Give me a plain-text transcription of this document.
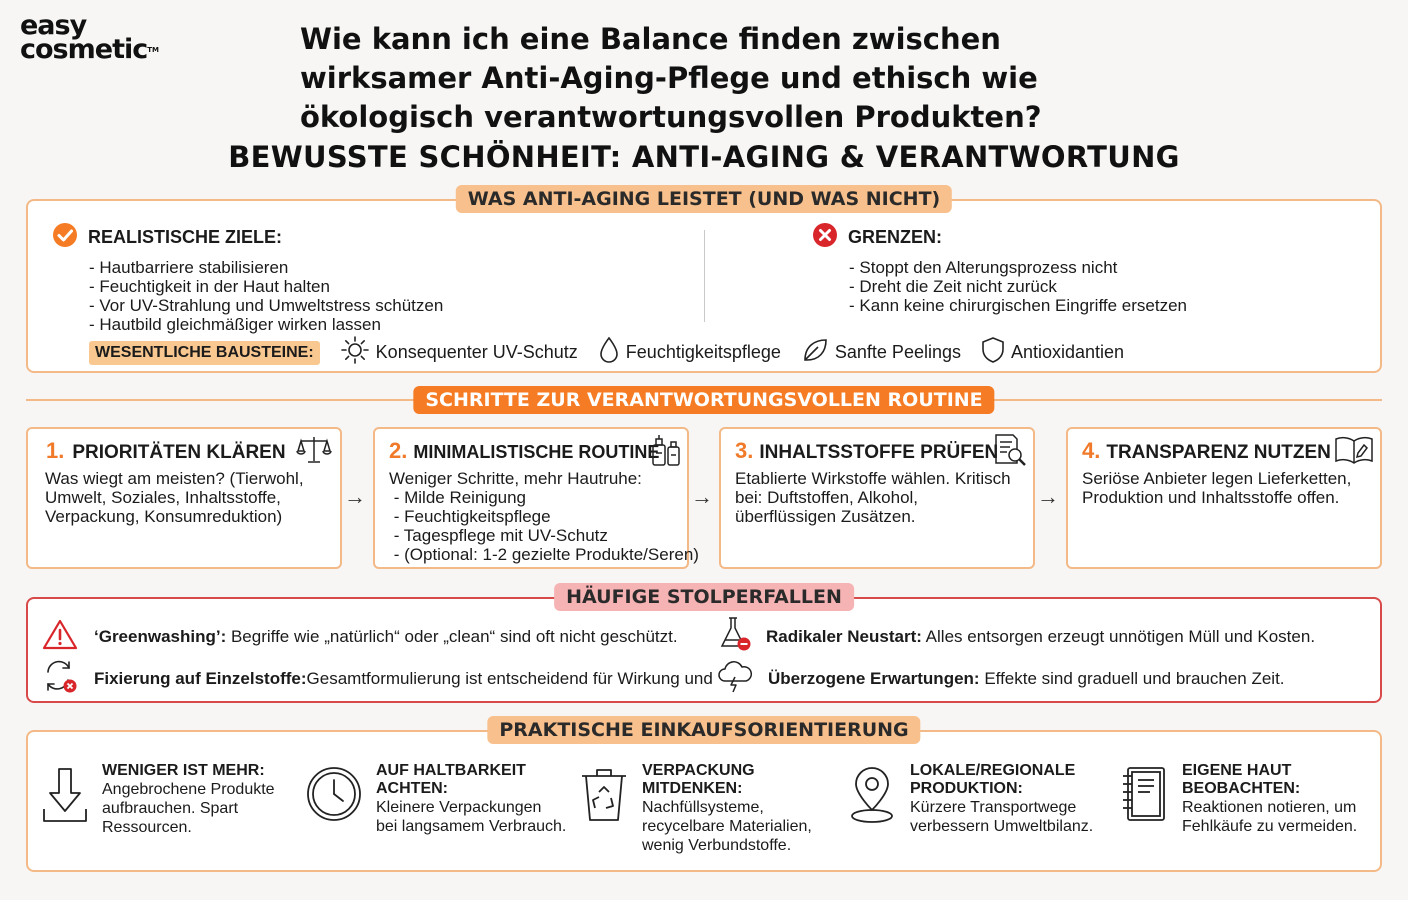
easy
cosmetic™	Wie kann ich eine Balance finden zwischen wirksamer Anti-Aging-Pflege und ethisch wie ökologisch verantwortungsvollen Produkten?
BEWUSSTE SCHÖNHEIT: ANTI-AGING & VERANTWORTUNG
WAS ANTI-AGING LEISTET (UND WAS NICHT)
REALISTISCHE ZIELE:
- Hautbarriere stabilisieren
- Feuchtigkeit in der Haut halten
- Vor UV-Strahlung und Umweltstress schützen
- Hautbild gleichmäßiger wirken lassen
GRENZEN:
- Stoppt den Alterungsprozess nicht
- Dreht die Zeit nicht zurück
- Kann keine chirurgischen Eingriffe ersetzen
WESENTLICHE BAUSTEINE:	Konsequenter UV-Schutz	Feuchtigkeitspflege	Sanfte Peelings	Antioxidantien
SCHRITTE ZUR VERANTWORTUNGSVOLLEN ROUTINE
1. PRIORITÄTEN KLÄREN
Was wiegt am meisten? (Tierwohl,
Umwelt, Soziales, Inhaltsstoffe,
Verpackung, Konsumreduktion)
→
2. MINIMALISTISCHE ROUTINE
Weniger Schritte, mehr Hautruhe:
- Milde Reinigung
- Feuchtigkeitspflege
- Tagespflege mit UV-Schutz
- (Optional: 1-2 gezielte Produkte/Seren)
→
3. INHALTSSTOFFE PRÜFEN
Etablierte Wirkstoffe wählen. Kritisch
bei: Duftstoffen, Alkohol,
überflüssigen Zusätzen.
→
4. TRANSPARENZ NUTZEN
Seriöse Anbieter legen Lieferketten,
Produktion und Inhaltsstoffe offen.
HÄUFIGE STOLPERFALLEN
‘Greenwashing’: Begriffe wie „natürlich“ oder „clean“ sind oft nicht geschützt.	Radikaler Neustart: Alles entsorgen erzeugt unnötigen Müll und Kosten.
Fixierung auf Einzelstoffe:Gesamtformulierung ist entscheidend für Wirkung und	Überzogene Erwartungen: Effekte sind graduell und brauchen Zeit.
PRAKTISCHE EINKAUFSORIENTIERUNG
WENIGER IST MEHR:
Angebrochene Produkte
aufbrauchen. Spart
Ressourcen.
AUF HALTBARKEIT
ACHTEN:
Kleinere Verpackungen
bei langsamem Verbrauch.
VERPACKUNG
MITDENKEN:
Nachfüllsysteme,
recycelbare Materialien,
wenig Verbundstoffe.
LOKALE/REGIONALE
PRODUKTION:
Kürzere Transportwege
verbessern Umweltbilanz.
EIGENE HAUT
BEOBACHTEN:
Reaktionen notieren, um
Fehlkäufe zu vermeiden.
